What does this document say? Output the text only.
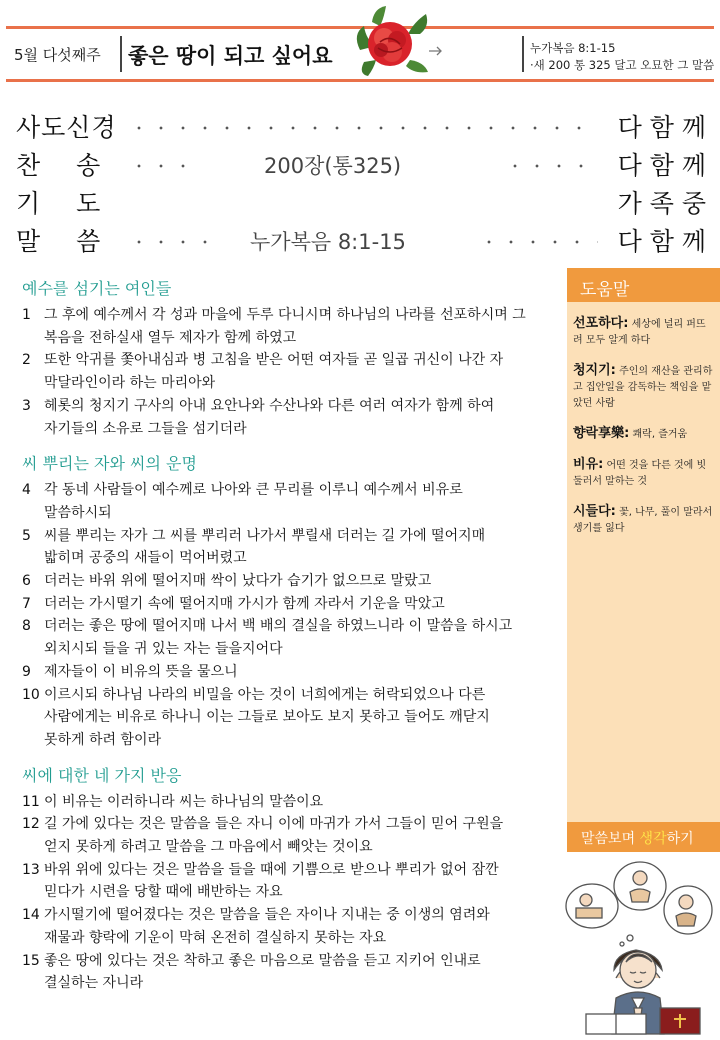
5월 다섯째주 좋은 땅이 되고 싶어요	누가복음 8:1-15
·새 200 통 325 달고 오묘한 그 말씀
사도신경	다 함 께
찬 송	200장(통325)	다 함 께
기 도	가 족 중
말 씀	누가복음 8:1-15	다 함 께
예수를 섬기는 여인들
1 그 후에 예수께서 각 성과 마을에 두루 다니시며 하나님의 나라를 선포하시며 그
복음을 전하실새 열두 제자가 함께 하였고
2 또한 악귀를 쫓아내심과 병 고침을 받은 어떤 여자들 곧 일곱 귀신이 나간 자
막달라인이라 하는 마리아와
3 헤롯의 청지기 구사의 아내 요안나와 수산나와 다른 여러 여자가 함께 하여
자기들의 소유로 그들을 섬기더라
씨 뿌리는 자와 씨의 운명
4 각 동네 사람들이 예수께로 나아와 큰 무리를 이루니 예수께서 비유로
말씀하시되
5 씨를 뿌리는 자가 그 씨를 뿌리러 나가서 뿌릴새 더러는 길 가에 떨어지매
밟히며 공중의 새들이 먹어버렸고
6 더러는 바위 위에 떨어지매 싹이 났다가 습기가 없으므로 말랐고
7 더러는 가시떨기 속에 떨어지매 가시가 함께 자라서 기운을 막았고
8 더러는 좋은 땅에 떨어지매 나서 백 배의 결실을 하였느니라 이 말씀을 하시고
외치시되 들을 귀 있는 자는 들을지어다
9 제자들이 이 비유의 뜻을 물으니
10 이르시되 하나님 나라의 비밀을 아는 것이 너희에게는 허락되었으나 다른
사람에게는 비유로 하나니 이는 그들로 보아도 보지 못하고 들어도 깨닫지
못하게 하려 함이라
씨에 대한 네 가지 반응
11 이 비유는 이러하니라 씨는 하나님의 말씀이요
12 길 가에 있다는 것은 말씀을 들은 자니 이에 마귀가 가서 그들이 믿어 구원을
얻지 못하게 하려고 말씀을 그 마음에서 빼앗는 것이요
13 바위 위에 있다는 것은 말씀을 들을 때에 기쁨으로 받으나 뿌리가 없어 잠깐
믿다가 시련을 당할 때에 배반하는 자요
14 가시떨기에 떨어졌다는 것은 말씀을 들은 자이나 지내는 중 이생의 염려와
재물과 향락에 기운이 막혀 온전히 결실하지 못하는 자요
15 좋은 땅에 있다는 것은 착하고 좋은 마음으로 말씀을 듣고 지키어 인내로
결실하는 자니라
도움말
선포하다: 세상에 널리 퍼뜨려 모두 알게 하다
청지기: 주인의 재산을 관리하고 집안일을 감독하는 책임을 맡았던 사람
향락享樂: 쾌락, 즐거움
비유: 어떤 것을 다른 것에 빗 둘러서 말하는 것
시들다: 꽃, 나무, 풀이 말라서 생기를 잃다
말씀보며 생각하기
